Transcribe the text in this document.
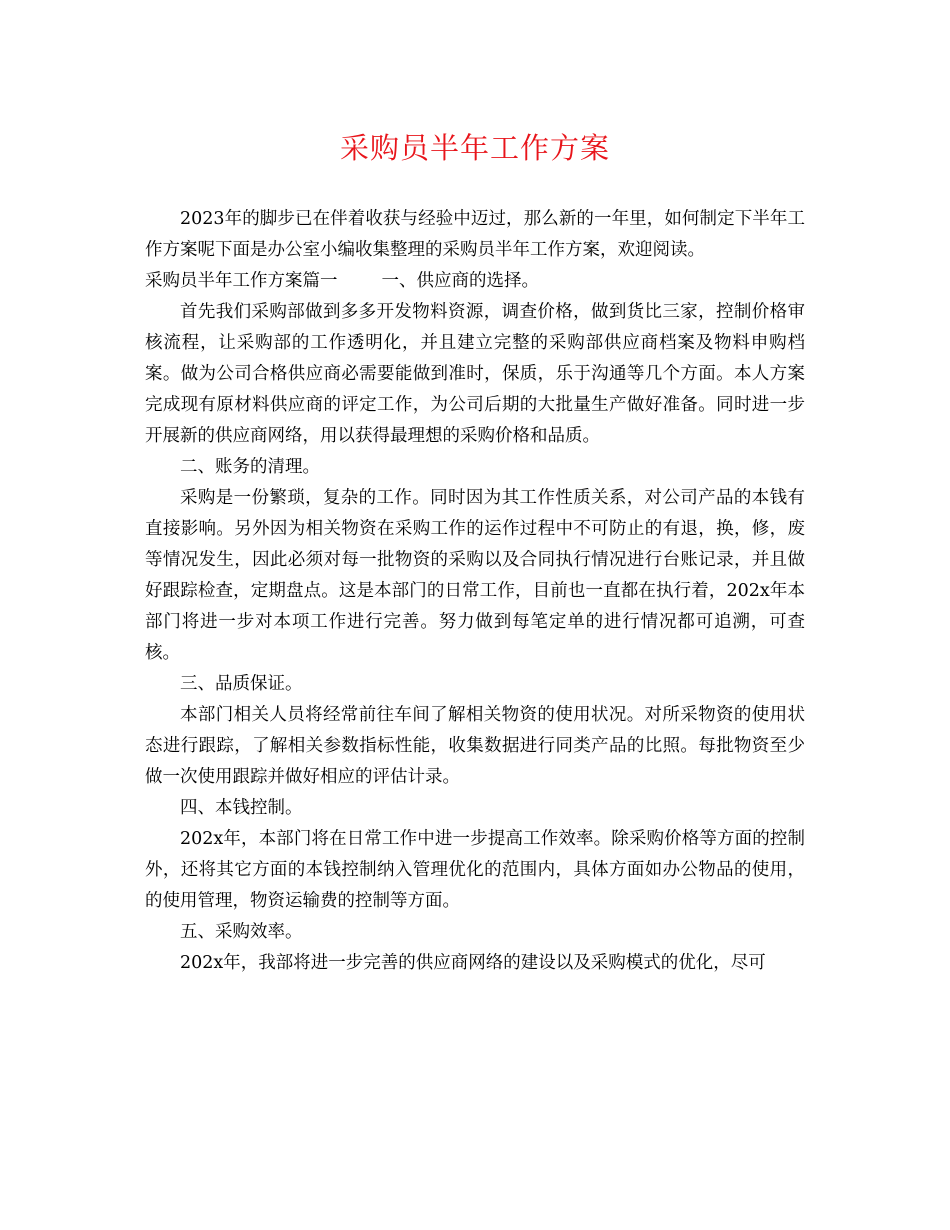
采购员半年工作方案

2023年的脚步已在伴着收获与经验中迈过，那么新的一年里，如何制定下半年工作方案呢下面是办公室小编收集整理的采购员半年工作方案，欢迎阅读。

采购员半年工作方案篇一	一、供应商的选择。

首先我们采购部做到多多开发物料资源，调查价格，做到货比三家，控制价格审核流程，让采购部的工作透明化，并且建立完整的采购部供应商档案及物料申购档案。做为公司合格供应商必需要能做到准时，保质，乐于沟通等几个方面。本人方案完成现有原材料供应商的评定工作，为公司后期的大批量生产做好准备。同时进一步开展新的供应商网络，用以获得最理想的采购价格和品质。

二、账务的清理。

采购是一份繁琐，复杂的工作。同时因为其工作性质关系，对公司产品的本钱有直接影响。另外因为相关物资在采购工作的运作过程中不可防止的有退，换，修，废等情况发生，因此必须对每一批物资的采购以及合同执行情况进行台账记录，并且做好跟踪检查，定期盘点。这是本部门的日常工作，目前也一直都在执行着，202x年本部门将进一步对本项工作进行完善。努力做到每笔定单的进行情况都可追溯，可查核。

三、品质保证。

本部门相关人员将经常前往车间了解相关物资的使用状况。对所采物资的使用状态进行跟踪，了解相关参数指标性能，收集数据进行同类产品的比照。每批物资至少做一次使用跟踪并做好相应的评估计录。

四、本钱控制。

202x年，本部门将在日常工作中进一步提高工作效率。除采购价格等方面的控制外，还将其它方面的本钱控制纳入管理优化的范围内，具体方面如办公物品的使用，的使用管理，物资运输费的控制等方面。

五、采购效率。

202x年，我部将进一步完善的供应商网络的建设以及采购模式的优化，尽可
